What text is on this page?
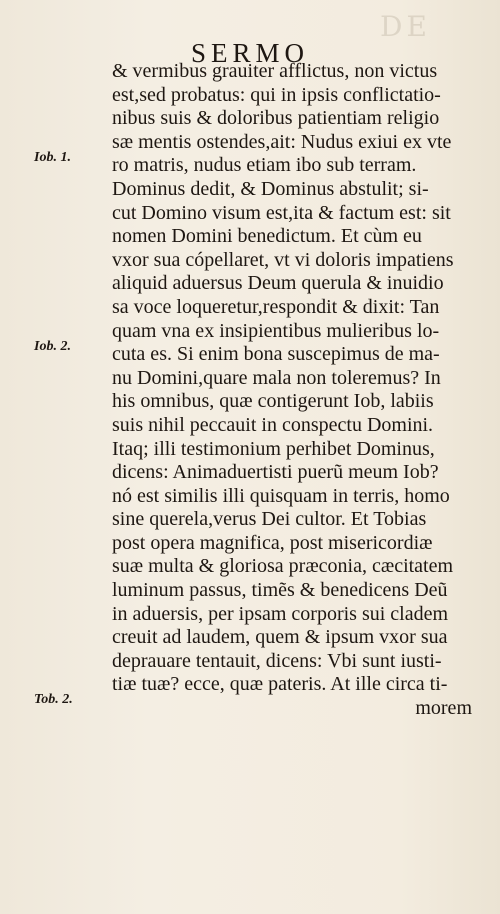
DE
SERMO
Iob. 1.
Iob. 2.
Tob. 2.
& vermibus grauiter afflictus, non victus
est,sed probatus: qui in ipsis conflictatio-
nibus suis & doloribus patientiam religio
sæ mentis ostendes,ait: Nudus exiui ex vte
ro matris, nudus etiam ibo sub terram.
Dominus dedit, & Dominus abstulit; si-
cut Domino visum est,ita & factum est: sit
nomen Domini benedictum. Et cùm eu
vxor sua cópellaret, vt vi doloris impatiens
aliquid aduersus Deum querula & inuidio
sa voce loqueretur,respondit & dixit: Tan
quam vna ex insipientibus mulieribus lo-
cuta es. Si enim bona suscepimus de ma-
nu Domini,quare mala non toleremus? In
his omnibus, quæ contigerunt Iob, labiis
suis nihil peccauit in conspectu Domini.
Itaq; illi testimonium perhibet Dominus,
dicens: Animaduertisti puerũ meum Iob?
nó est similis illi quisquam in terris, homo
sine querela,verus Dei cultor. Et Tobias
post opera magnifica, post misericordiæ
suæ multa & gloriosa præconia, cæcitatem
luminum passus, timẽs & benedicens Deũ
in aduersis, per ipsam corporis sui cladem
creuit ad laudem, quem & ipsum vxor sua
deprauare tentauit, dicens: Vbi sunt iusti-
tiæ tuæ? ecce, quæ pateris. At ille circa ti-
morem
